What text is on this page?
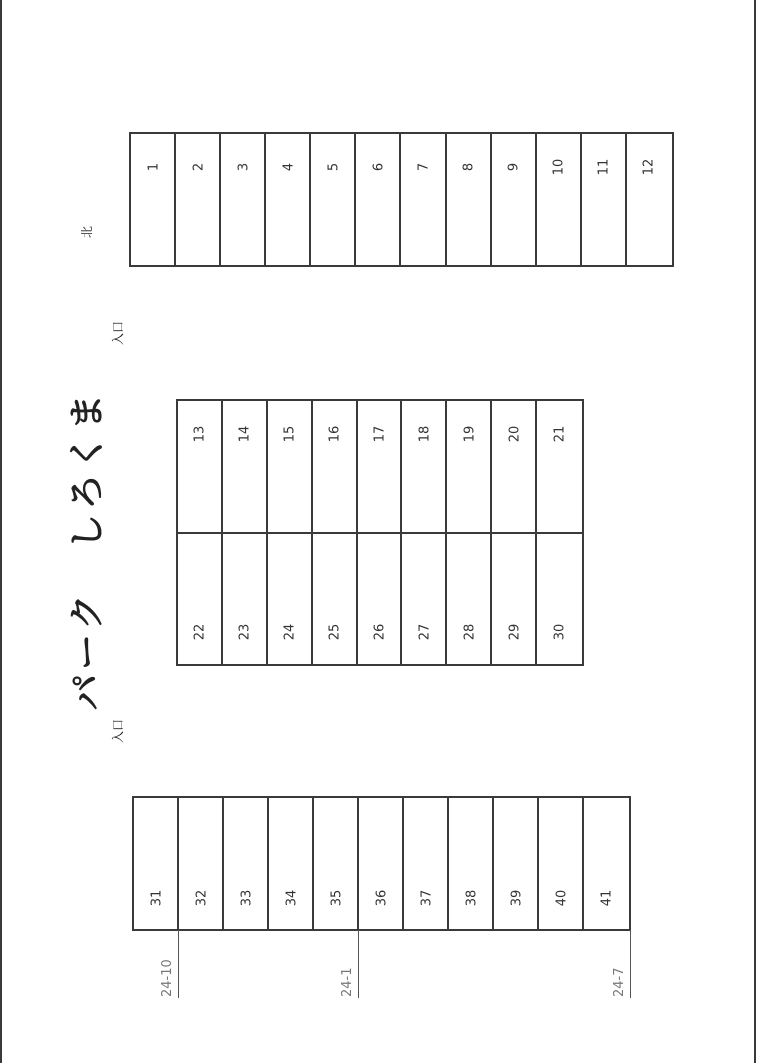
パーク　しろくま
北
入口
入口
1 2 3 4 5 6 7 8 9 10 11 12
13 14 15 16 17 18 19 20 21
22 23 24 25 26 27 28 29 30
31 32 33 34 35 36 37 38 39 40 41
24-10	24-1	24-7
